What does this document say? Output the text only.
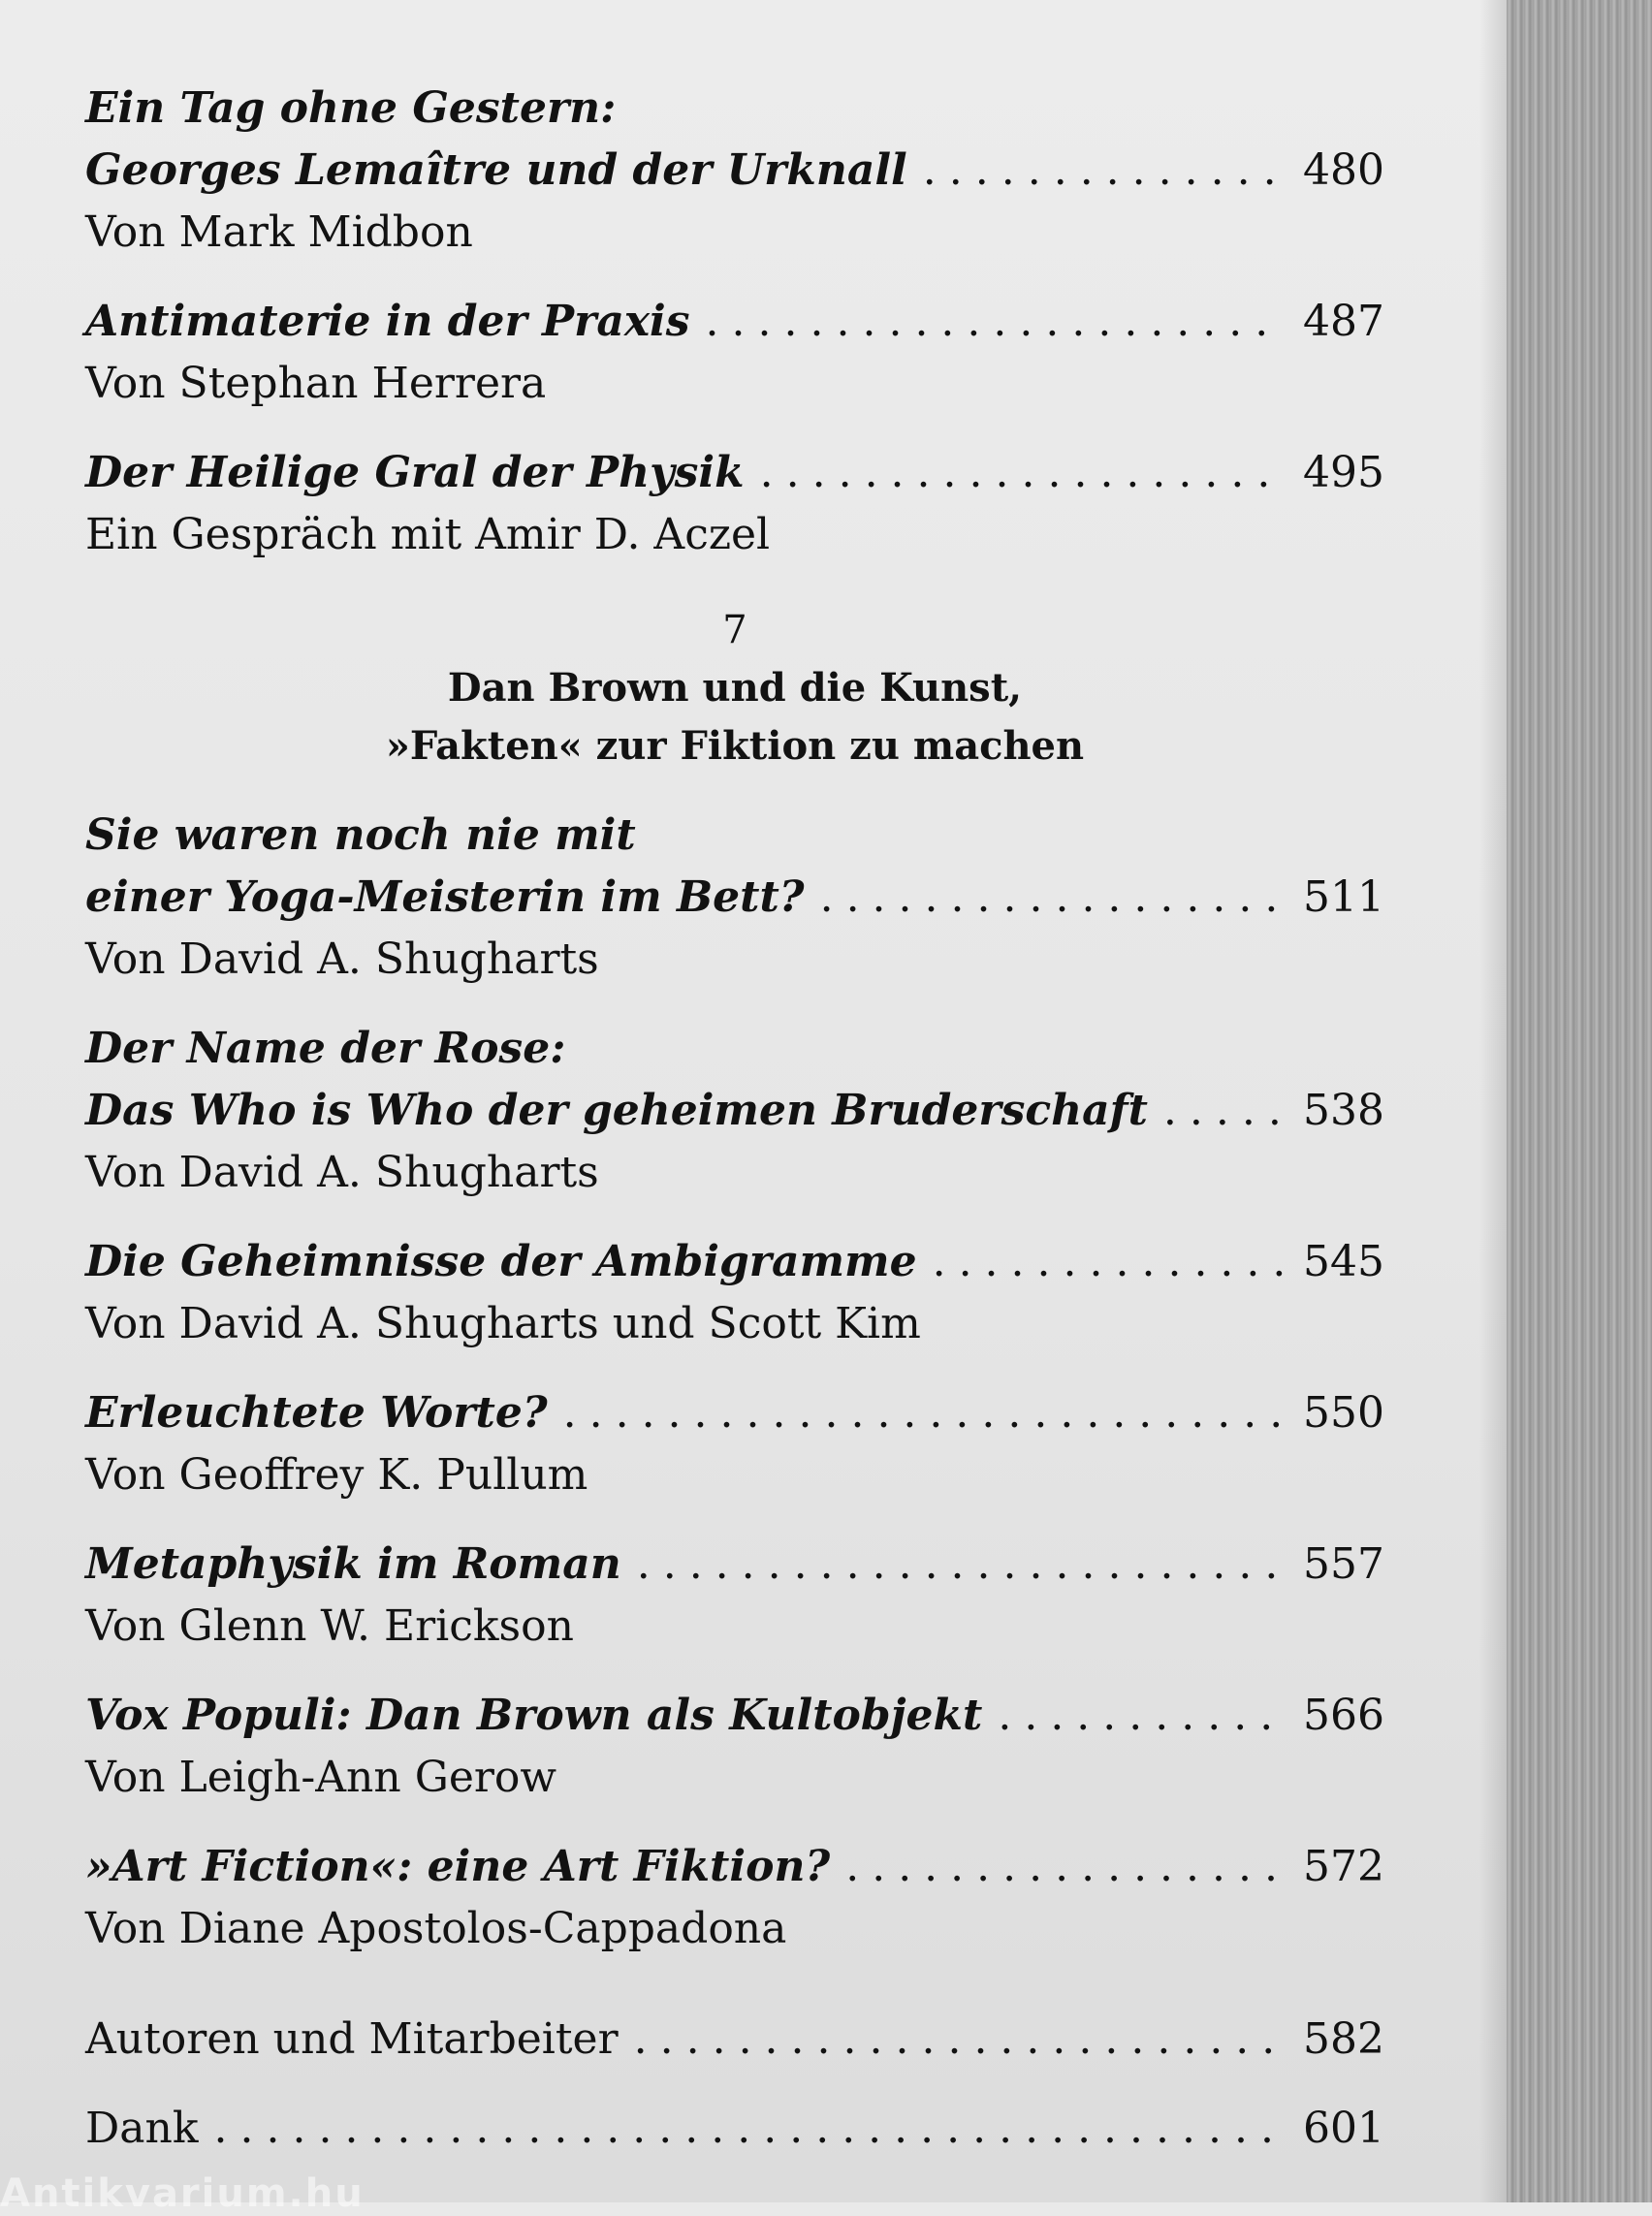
Ein Tag ohne Gestern:
Georges Lemaître und der Urknall .....	480
Von Mark Midbon
Antimaterie in der Praxis .....	487
Von Stephan Herrera
Der Heilige Gral der Physik .....	495
Ein Gespräch mit Amir D. Aczel
7
Dan Brown und die Kunst,
»Fakten« zur Fiktion zu machen
Sie waren noch nie mit
einer Yoga-Meisterin im Bett? .....	511
Von David A. Shugharts
Der Name der Rose:
Das Who is Who der geheimen Bruderschaft .....	538
Von David A. Shugharts
Die Geheimnisse der Ambigramme .....	545
Von David A. Shugharts und Scott Kim
Erleuchtete Worte? .....	550
Von Geoffrey K. Pullum
Metaphysik im Roman .....	557
Von Glenn W. Erickson
Vox Populi: Dan Brown als Kultobjekt .....	566
Von Leigh-Ann Gerow
»Art Fiction«: eine Art Fiktion? .....	572
Von Diane Apostolos-Cappadona
Autoren und Mitarbeiter .....	582
Dank .....	601
Antikvarium.hu
